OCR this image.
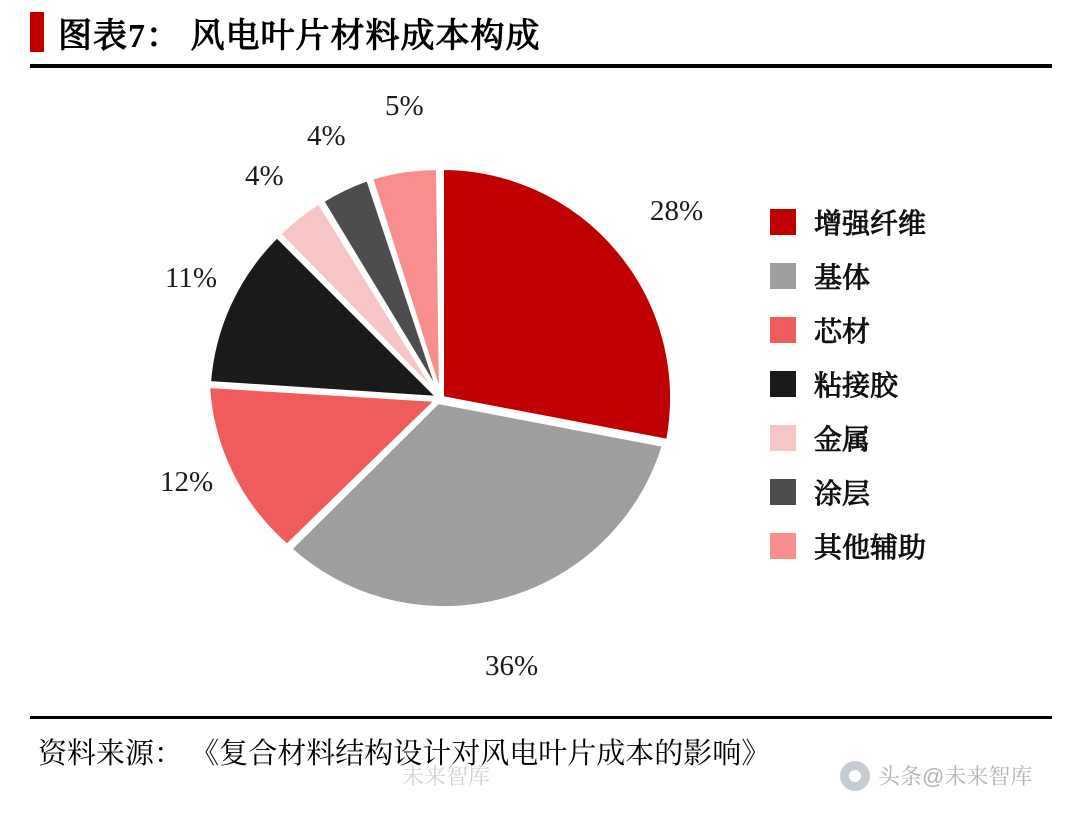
图表7： 风电叶片材料成本构成
28%
36%
12%
11%
4%
4%
5%
增强纤维
基体
芯材
粘接胶
金属
涂层
其他辅助
资料来源： 《复合材料结构设计对风电叶片成本的影响》
未来智库	头条@未来智库
